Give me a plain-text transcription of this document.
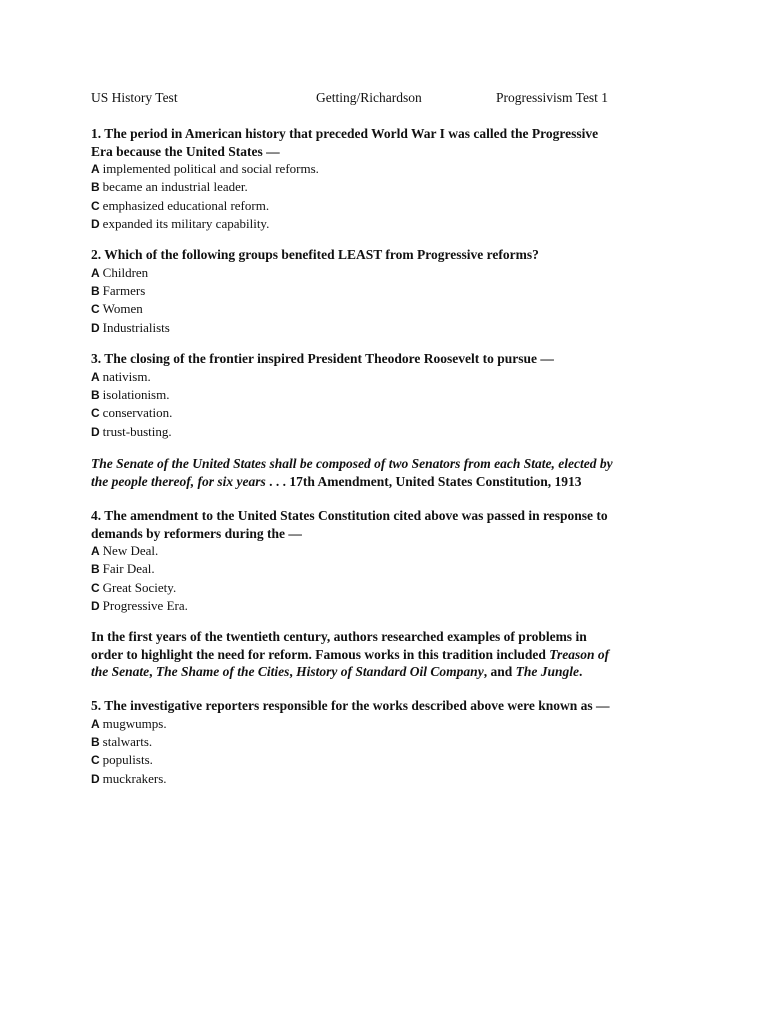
US History Test	Getting/Richardson	Progressivism Test 1

1. The period in American history that preceded World War I was called the Progressive
Era because the United States —

A implemented political and social reforms.

B became an industrial leader.

C emphasized educational reform.

D expanded its military capability.

2. Which of the following groups benefited LEAST from Progressive reforms?

A Children

B Farmers

C Women

D Industrialists

3. The closing of the frontier inspired President Theodore Roosevelt to pursue —

A nativism.

B isolationism.

C conservation.

D trust-busting.

The Senate of the United States shall be composed of two Senators from each State, elected by
the people thereof, for six years . . . 17th Amendment, United States Constitution, 1913

4. The amendment to the United States Constitution cited above was passed in response to
demands by reformers during the —

A New Deal.

B Fair Deal.

C Great Society.

D Progressive Era.

In the first years of the twentieth century, authors researched examples of problems in
order to highlight the need for reform. Famous works in this tradition included Treason of
the Senate, The Shame of the Cities, History of Standard Oil Company, and The Jungle.

5. The investigative reporters responsible for the works described above were known as —

A mugwumps.

B stalwarts.

C populists.

D muckrakers.
